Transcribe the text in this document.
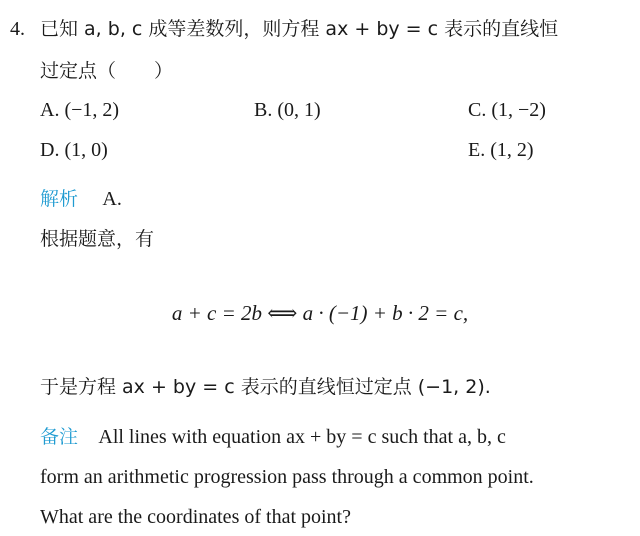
4. 已知 a, b, c 成等差数列，则方程 ax + by = c 表示的直线恒
过定点（　　）
A. (−1, 2)	B. (0, 1)	C. (1, −2)
D. (1, 0)	E. (1, 2)
解析 A.
根据题意，有
a + c = 2b ⟺ a · (−1) + b · 2 = c,
于是方程 ax + by = c 表示的直线恒过定点 (−1, 2).
备注 All lines with equation ax + by = c such that a, b, c
form an arithmetic progression pass through a common point.
What are the coordinates of that point?
